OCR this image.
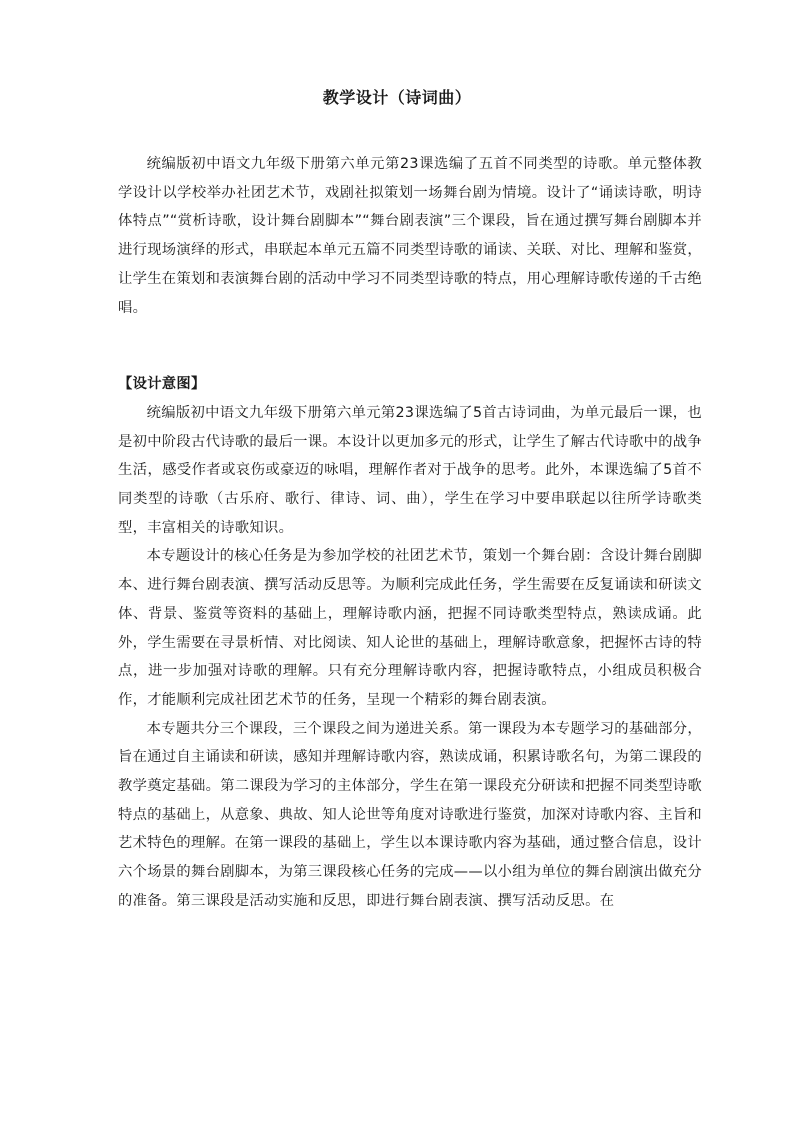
教学设计（诗词曲）

统编版初中语文九年级下册第六单元第23课选编了五首不同类型的诗歌。单元整体教学设计以学校举办社团艺术节，戏剧社拟策划一场舞台剧为情境。设计了“诵读诗歌，明诗体特点”“赏析诗歌，设计舞台剧脚本”“舞台剧表演”三个课段，旨在通过撰写舞台剧脚本并进行现场演绎的形式，串联起本单元五篇不同类型诗歌的诵读、关联、对比、理解和鉴赏，让学生在策划和表演舞台剧的活动中学习不同类型诗歌的特点，用心理解诗歌传递的千古绝唱。

【设计意图】

统编版初中语文九年级下册第六单元第23课选编了5首古诗词曲，为单元最后一课，也是初中阶段古代诗歌的最后一课。本设计以更加多元的形式，让学生了解古代诗歌中的战争生活，感受作者或哀伤或豪迈的咏唱，理解作者对于战争的思考。此外，本课选编了5首不同类型的诗歌（古乐府、歌行、律诗、词、曲），学生在学习中要串联起以往所学诗歌类型，丰富相关的诗歌知识。

本专题设计的核心任务是为参加学校的社团艺术节，策划一个舞台剧：含设计舞台剧脚本、进行舞台剧表演、撰写活动反思等。为顺利完成此任务，学生需要在反复诵读和研读文体、背景、鉴赏等资料的基础上，理解诗歌内涵，把握不同诗歌类型特点，熟读成诵。此外，学生需要在寻景析情、对比阅读、知人论世的基础上，理解诗歌意象，把握怀古诗的特点，进一步加强对诗歌的理解。只有充分理解诗歌内容，把握诗歌特点，小组成员积极合作，才能顺利完成社团艺术节的任务，呈现一个精彩的舞台剧表演。

本专题共分三个课段，三个课段之间为递进关系。第一课段为本专题学习的基础部分，旨在通过自主诵读和研读，感知并理解诗歌内容，熟读成诵，积累诗歌名句，为第二课段的教学奠定基础。第二课段为学习的主体部分，学生在第一课段充分研读和把握不同类型诗歌特点的基础上，从意象、典故、知人论世等角度对诗歌进行鉴赏，加深对诗歌内容、主旨和艺术特色的理解。在第一课段的基础上，学生以本课诗歌内容为基础，通过整合信息，设计六个场景的舞台剧脚本，为第三课段核心任务的完成——以小组为单位的舞台剧演出做充分的准备。第三课段是活动实施和反思，即进行舞台剧表演、撰写活动反思。在
